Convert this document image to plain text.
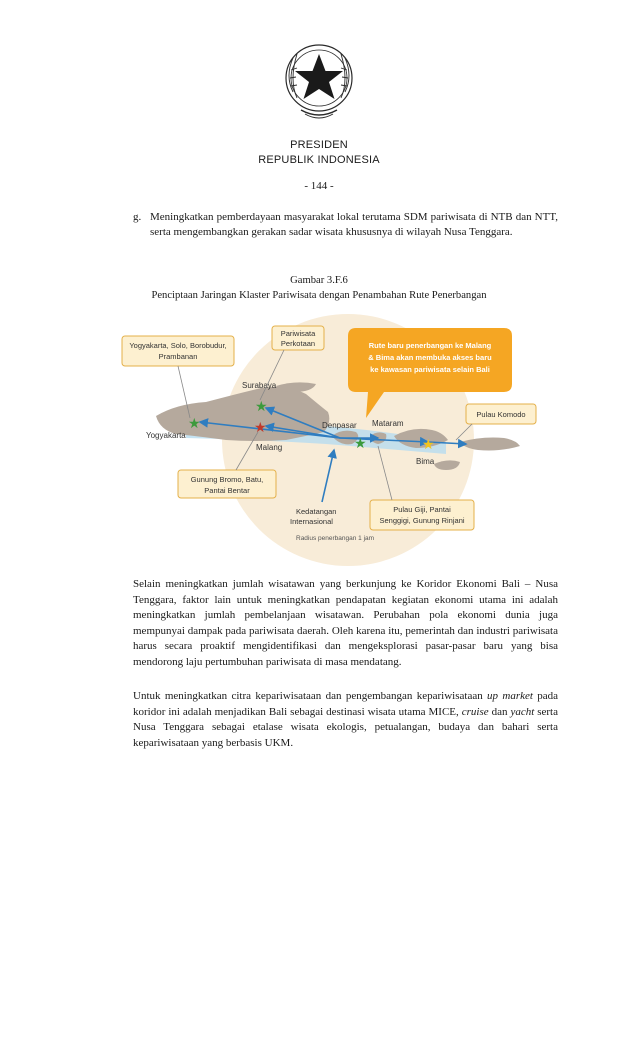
PRESIDEN
REPUBLIK INDONESIA
- 144 -
g. Meningkatkan pemberdayaan masyarakat lokal terutama SDM pariwisata di NTB dan NTT, serta mengembangkan gerakan sadar wisata khususnya di wilayah Nusa Tenggara.
Gambar 3.F.6
Penciptaan Jaringan Klaster Pariwisata dengan Penambahan Rute Penerbangan
★
★
★
★	★
Surabaya
Yogyakarta
Malang
Denpasar Mataram
Bima
Yogyakarta, Solo, Borobudur,
Prambanan
Pariwisata
Perkotaan	Rute baru penerbangan ke Malang
& Bima akan membuka akses baru
ke kawasan pariwisata selain Bali
Pulau Komodo
Gunung Bromo, Batu,
Pantai Bentar
Kedatangan
Internasional
Pulau Giji, Pantai
Senggigi, Gunung Rinjani
Radius penerbangan 1 jam
Selain meningkatkan jumlah wisatawan yang berkunjung ke Koridor Ekonomi Bali – Nusa Tenggara, faktor lain untuk meningkatkan pendapatan kegiatan ekonomi utama ini adalah meningkatkan jumlah pembelanjaan wisatawan. Perubahan pola ekonomi dunia juga mempunyai dampak pada pariwisata daerah. Oleh karena itu, pemerintah dan industri pariwisata harus secara proaktif mengidentifikasi dan mengeksplorasi pasar-pasar baru yang bisa mendorong laju pertumbuhan pariwisata di masa mendatang.
Untuk meningkatkan citra kepariwisataan dan pengembangan kepariwisataan up market pada koridor ini adalah menjadikan Bali sebagai destinasi wisata utama MICE, cruise dan yacht serta Nusa Tenggara sebagai etalase wisata ekologis, petualangan, budaya dan bahari serta kepariwisataan yang berbasis UKM.
